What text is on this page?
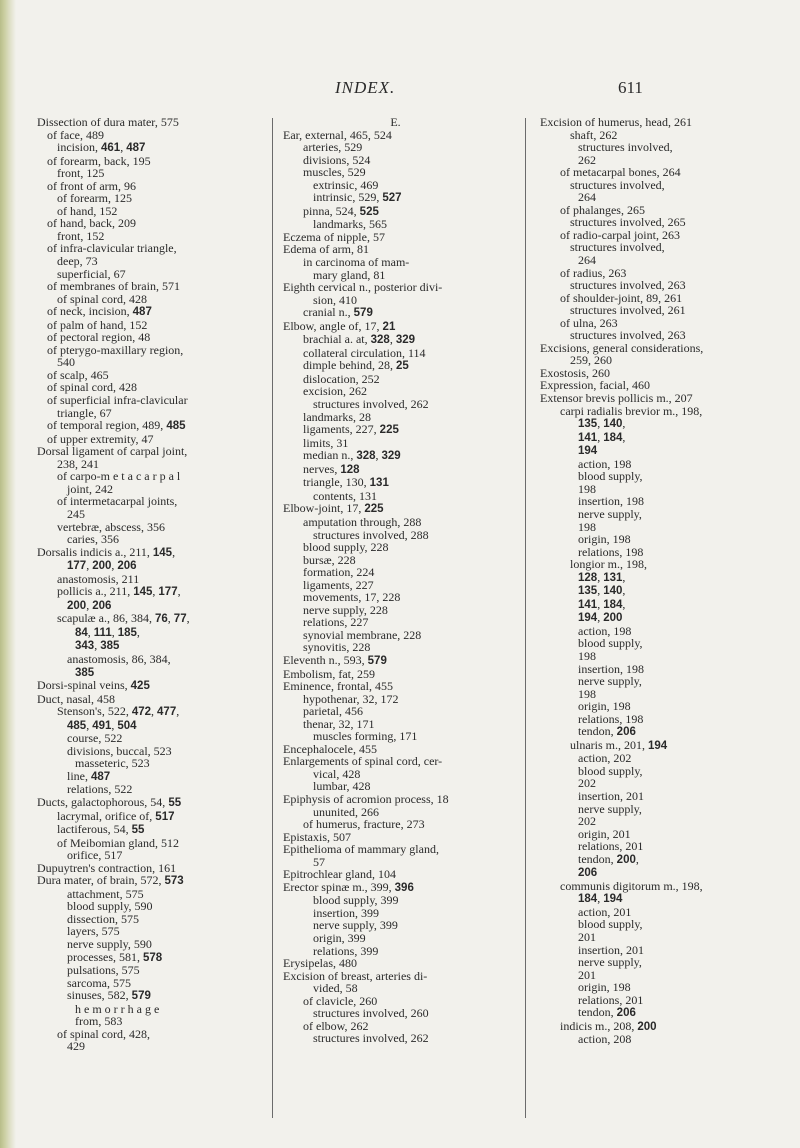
INDEX.	611
Dissection of dura mater, 575
of face, 489
incision, 461, 487
of forearm, back, 195
front, 125
of front of arm, 96
of forearm, 125
of hand, 152
of hand, back, 209
front, 152
of infra-clavicular triangle,
deep, 73
superficial, 67
of membranes of brain, 571
of spinal cord, 428
of neck, incision, 487
of palm of hand, 152
of pectoral region, 48
of pterygo-maxillary region,
540
of scalp, 465
of spinal cord, 428
of superficial infra-clavicular
triangle, 67
of temporal region, 489, 485
of upper extremity, 47
Dorsal ligament of carpal joint,
238, 241
of carpo-m e t a c a r p a l
joint, 242
of intermetacarpal joints,
245
vertebræ, abscess, 356
caries, 356
Dorsalis indicis a., 211, 145,
177, 200, 206
anastomosis, 211
pollicis a., 211, 145, 177,
200, 206
scapulæ a., 86, 384, 76, 77,
84, 111, 185,
343, 385
anastomosis, 86, 384,
385
Dorsi-spinal veins, 425
Duct, nasal, 458
Stenson's, 522, 472, 477,
485, 491, 504
course, 522
divisions, buccal, 523
masseteric, 523
line, 487
relations, 522
Ducts, galactophorous, 54, 55
lacrymal, orifice of, 517
lactiferous, 54, 55
of Meibomian gland, 512
orifice, 517
Dupuytren's contraction, 161
Dura mater, of brain, 572, 573
attachment, 575
blood supply, 590
dissection, 575
layers, 575
nerve supply, 590
processes, 581, 578
pulsations, 575
sarcoma, 575
sinuses, 582, 579
h e m o r r h a g e
from, 583
of spinal cord, 428,
429
E.
Ear, external, 465, 524
arteries, 529
divisions, 524
muscles, 529
extrinsic, 469
intrinsic, 529, 527
pinna, 524, 525
landmarks, 565
Eczema of nipple, 57
Edema of arm, 81
in carcinoma of mam-
mary gland, 81
Eighth cervical n., posterior divi-
sion, 410
cranial n., 579
Elbow, angle of, 17, 21
brachial a. at, 328, 329
collateral circulation, 114
dimple behind, 28, 25
dislocation, 252
excision, 262
structures involved, 262
landmarks, 28
ligaments, 227, 225
limits, 31
median n., 328, 329
nerves, 128
triangle, 130, 131
contents, 131
Elbow-joint, 17, 225
amputation through, 288
structures involved, 288
blood supply, 228
bursæ, 228
formation, 224
ligaments, 227
movements, 17, 228
nerve supply, 228
relations, 227
synovial membrane, 228
synovitis, 228
Eleventh n., 593, 579
Embolism, fat, 259
Eminence, frontal, 455
hypothenar, 32, 172
parietal, 456
thenar, 32, 171
muscles forming, 171
Encephalocele, 455
Enlargements of spinal cord, cer-
vical, 428
lumbar, 428
Epiphysis of acromion process, 18
ununited, 266
of humerus, fracture, 273
Epistaxis, 507
Epithelioma of mammary gland,
57
Epitrochlear gland, 104
Erector spinæ m., 399, 396
blood supply, 399
insertion, 399
nerve supply, 399
origin, 399
relations, 399
Erysipelas, 480
Excision of breast, arteries di-
vided, 58
of clavicle, 260
structures involved, 260
of elbow, 262
structures involved, 262
Excision of humerus, head, 261
shaft, 262
structures involved,
262
of metacarpal bones, 264
structures involved,
264
of phalanges, 265
structures involved, 265
of radio-carpal joint, 263
structures involved,
264
of radius, 263
structures involved, 263
of shoulder-joint, 89, 261
structures involved, 261
of ulna, 263
structures involved, 263
Excisions, general considerations,
259, 260
Exostosis, 260
Expression, facial, 460
Extensor brevis pollicis m., 207
carpi radialis brevior m., 198,
135, 140,
141, 184,
194
action, 198
blood supply,
198
insertion, 198
nerve supply,
198
origin, 198
relations, 198
longior m., 198,
128, 131,
135, 140,
141, 184,
194, 200
action, 198
blood supply,
198
insertion, 198
nerve supply,
198
origin, 198
relations, 198
tendon, 206
ulnaris m., 201, 194
action, 202
blood supply,
202
insertion, 201
nerve supply,
202
origin, 201
relations, 201
tendon, 200,
206
communis digitorum m., 198,
184, 194
action, 201
blood supply,
201
insertion, 201
nerve supply,
201
origin, 198
relations, 201
tendon, 206
indicis m., 208, 200
action, 208
